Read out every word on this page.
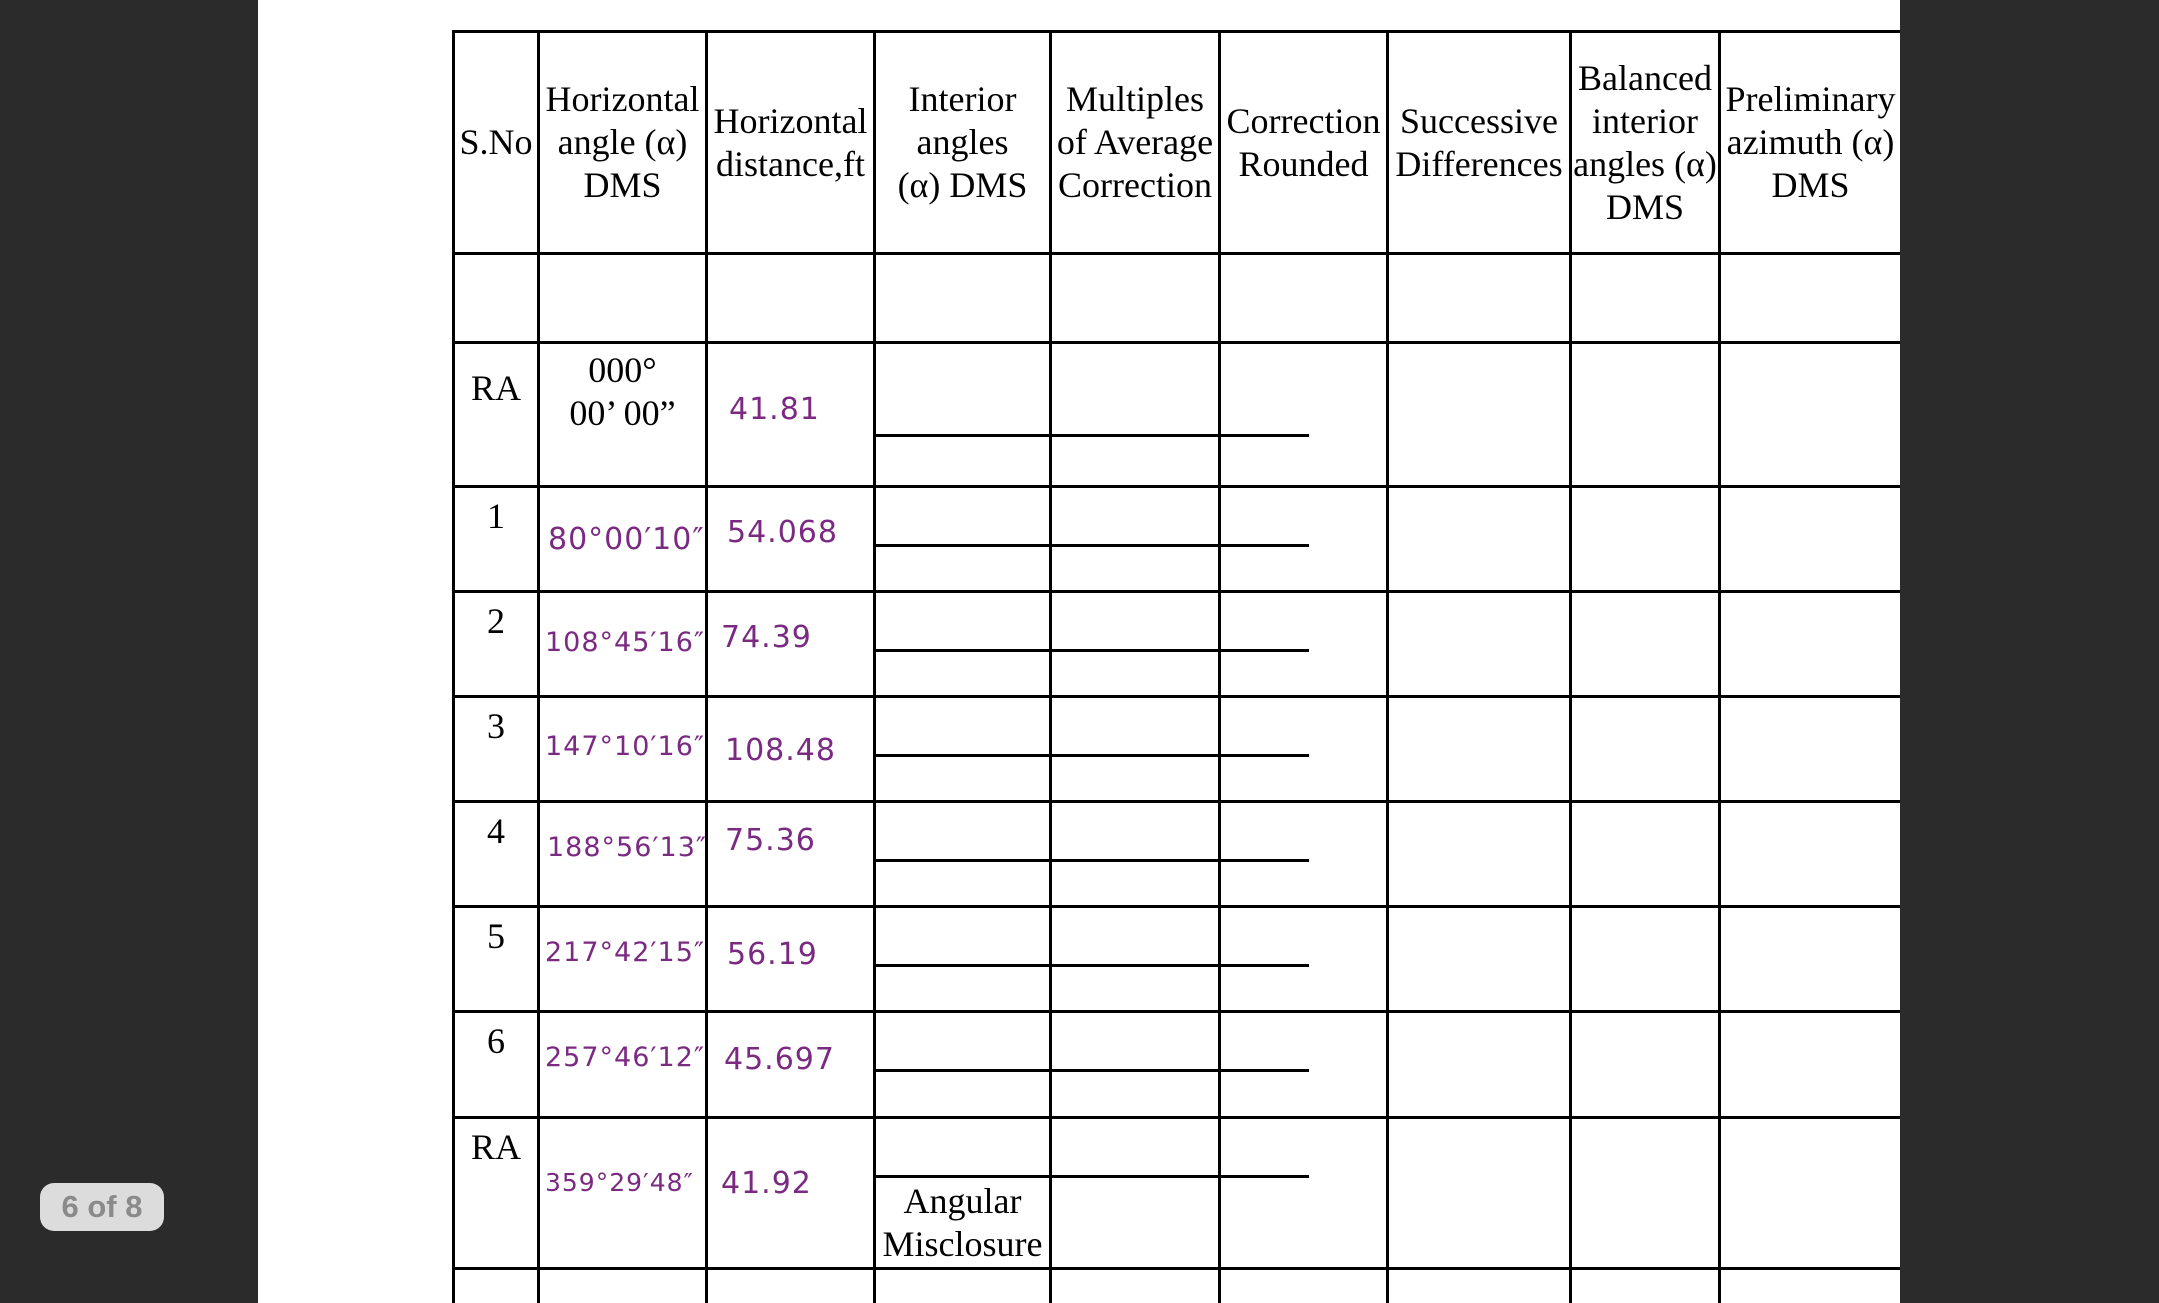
S.No
Horizontal angle (α) DMS
Horizontal distance,ft
Interior angles (α) DMS
Multiples of Average Correction
Correction Rounded
Successive Differences
Balanced interior angles (α) DMS
Preliminary azimuth (α) DMS
RA
1
2
3
4
5
6
RA
000° 00’ 00”
80°00′10″
108°45′16″
147°10′16″
188°56′13″
217°42′15″
257°46′12″
359°29′48″
41.81
54.068
74.39
108.48
75.36
56.19
45.697
41.92	Angular Misclosure
6 of 8
